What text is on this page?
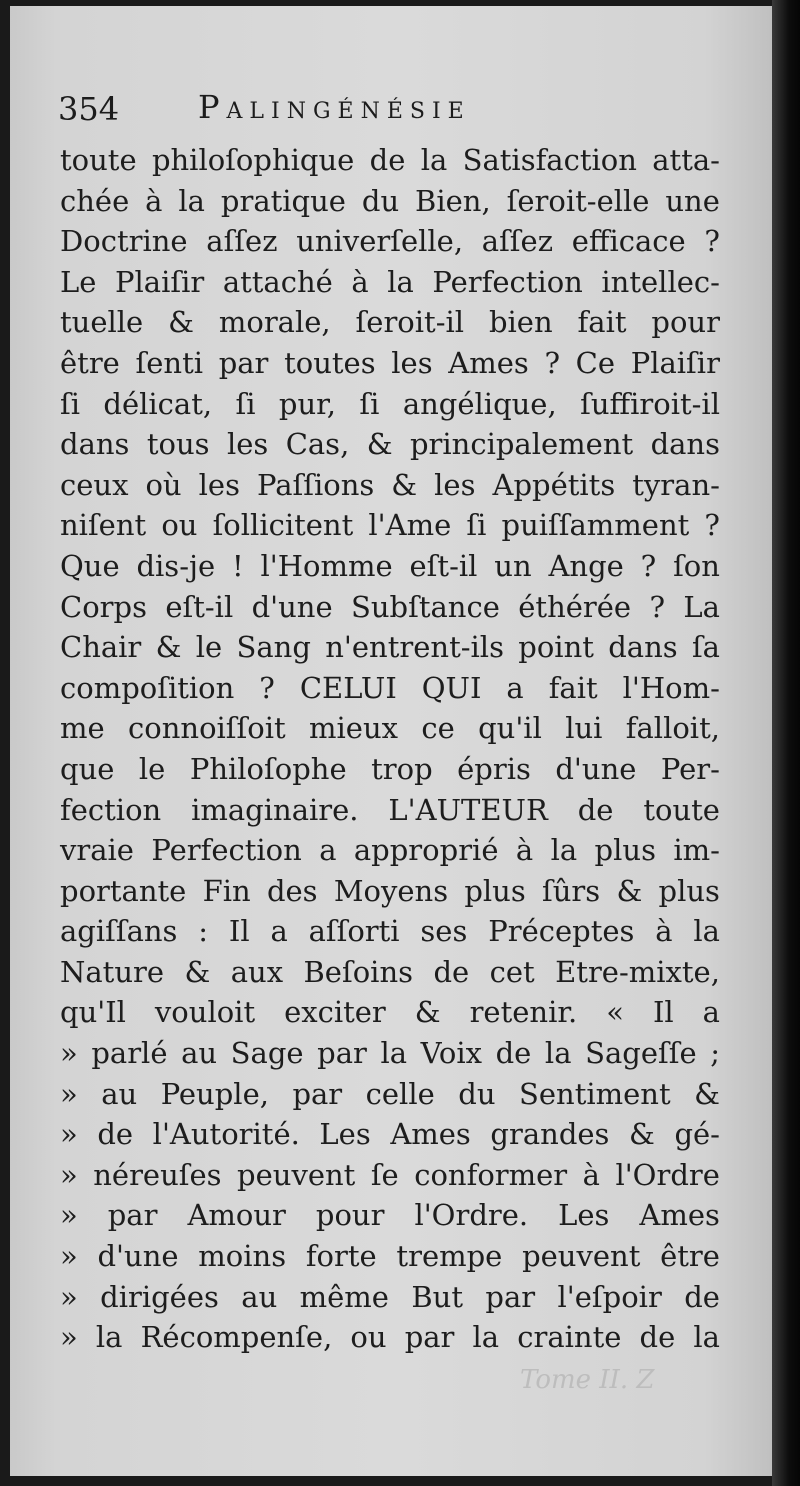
354 Palingénésie
toute philoſophique de la Satisfaction atta-
chée à la pratique du Bien, ſeroit-elle une
Doctrine aſſez univerſelle, aſſez efficace ?
Le Plaiſir attaché à la Perfection intellec-
tuelle & morale, ſeroit-il bien fait pour
être ſenti par toutes les Ames ? Ce Plaiſir
ſi délicat, ſi pur, ſi angélique, ſuffiroit-il
dans tous les Cas, & principalement dans
ceux où les Paſſions & les Appétits tyran-
niſent ou ſollicitent l'Ame ſi puiſſamment ?
Que dis-je ! l'Homme eſt-il un Ange ? ſon
Corps eſt-il d'une Subſtance éthérée ? La
Chair & le Sang n'entrent-ils point dans ſa
compoſition ? CELUI QUI a fait l'Hom-
me connoiſſoit mieux ce qu'il lui falloit,
que le Philoſophe trop épris d'une Per-
fection imaginaire. L'AUTEUR de toute
vraie Perfection a approprié à la plus im-
portante Fin des Moyens plus ſûrs & plus
agiſſans : Il a aſſorti ses Préceptes à la
Nature & aux Beſoins de cet Etre-mixte,
qu'Il vouloit exciter & retenir. « Il a
» parlé au Sage par la Voix de la Sageſſe ;
» au Peuple, par celle du Sentiment &
» de l'Autorité. Les Ames grandes & gé-
» néreuſes peuvent ſe conformer à l'Ordre
» par Amour pour l'Ordre. Les Ames
» d'une moins forte trempe peuvent être
» dirigées au même But par l'eſpoir de
» la Récompenſe, ou par la crainte de la
Tome II. Z
